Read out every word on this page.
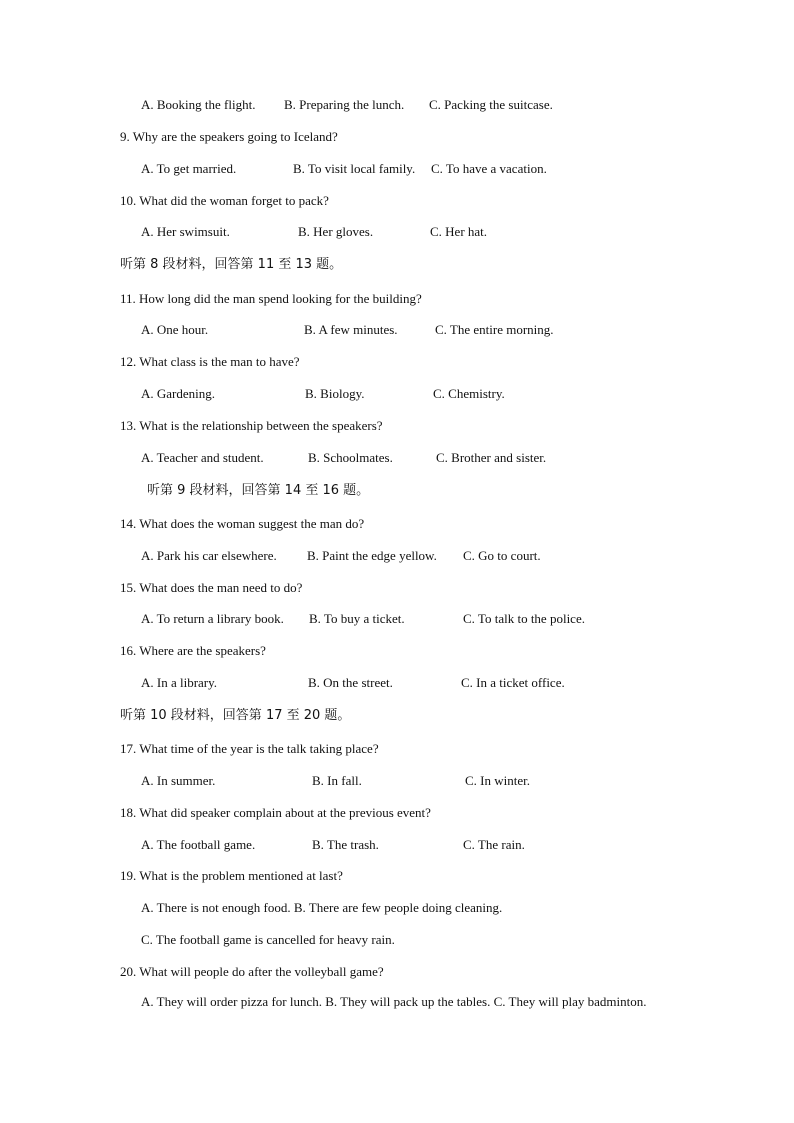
A. Booking the flight. B. Preparing the lunch. C. Packing the suitcase.
9. Why are the speakers going to Iceland?
A. To get married.	B. To visit local family. C. To have a vacation.
10. What did the woman forget to pack?
A. Her swimsuit.	B. Her gloves.	C. Her hat.
听第 8 段材料，回答第 11 至 13 题。
11. How long did the man spend looking for the building?
A. One hour.	B. A few minutes.	C. The entire morning.
12. What class is the man to have?
A. Gardening.	B. Biology.	C. Chemistry.
13. What is the relationship between the speakers?
A. Teacher and student.	B. Schoolmates.	C. Brother and sister.
听第 9 段材料，回答第 14 至 16 题。
14. What does the woman suggest the man do?
A. Park his car elsewhere. B. Paint the edge yellow. C. Go to court.
15. What does the man need to do?
A. To return a library book. B. To buy a ticket.	C. To talk to the police.
16. Where are the speakers?
A. In a library.	B. On the street.	C. In a ticket office.
听第 10 段材料，回答第 17 至 20 题。
17. What time of the year is the talk taking place?
A. In summer.	B. In fall.	C. In winter.
18. What did speaker complain about at the previous event?
A. The football game.	B. The trash.	C. The rain.
19. What is the problem mentioned at last?
A. There is not enough food. B. There are few people doing cleaning.
C. The football game is cancelled for heavy rain.
20. What will people do after the volleyball game?
A. They will order pizza for lunch. B. They will pack up the tables. C. They will play badminton.
